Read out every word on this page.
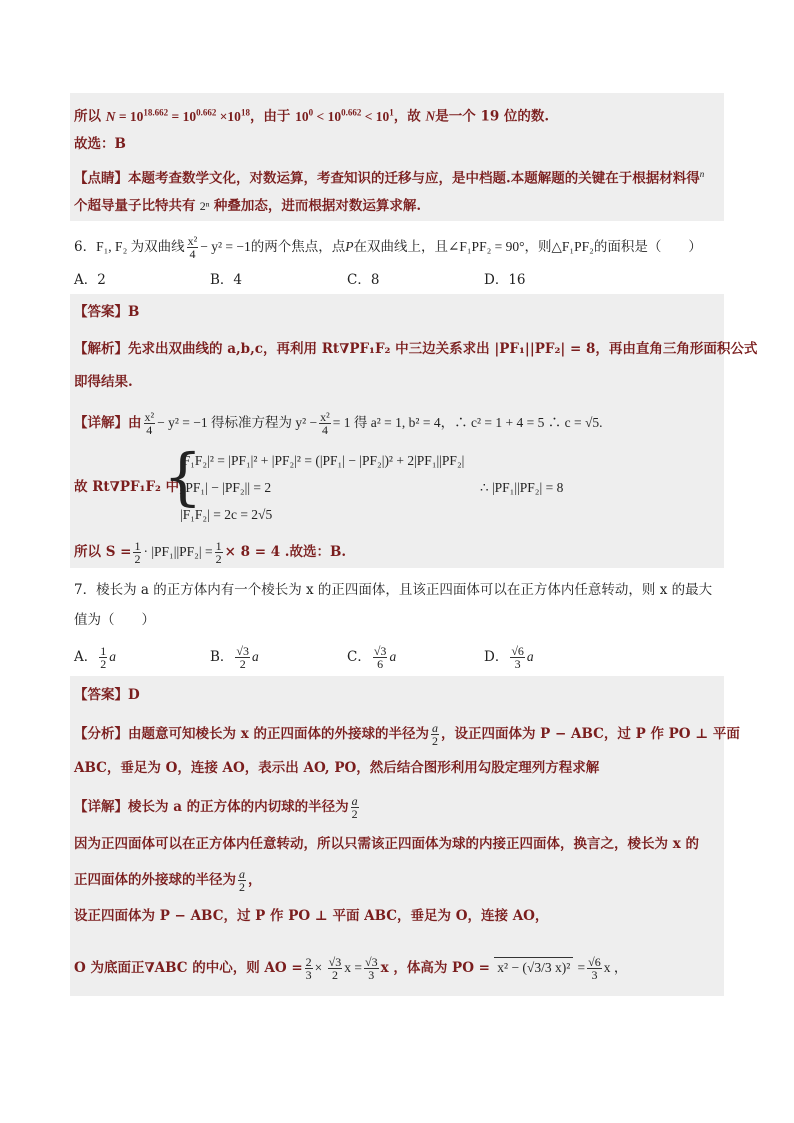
所以 $N = 10^{18.662} = 10^{0.662} \times 10^{18}$，由于 $10^0 < 10^{0.662} < 10^1$，故 N是一个 19 位的数.
故选：B
【点睛】本题考查数学文化，对数运算，考查知识的迁移与应，是中档题.本题解题的关键在于根据材料得$^n$
个超导量子比特共有 2ⁿ 种叠加态，进而根据对数运算求解.
6．F₁, F₂ 为双曲线 $\frac{\text{x²}}{4} - y^2 = -1$的两个焦点，点P在双曲线上，且∠F₁PF₂ = 90°，则△F₁PF₂的面积是（　　）
A．2	B．4	C．8	D．16
【答案】B
【解析】先求出双曲线的 a,b,c，再利用 Rt∇PF₁F₂ 中三边关系求出 |PF₁||PF₂| = 8，再由直角三角形面积公式
即得结果.
【详解】由 $\frac{\text{x²}}{4} - y^2 = -1$ 得标准方程为 $y^2 - \frac{\text{x²}}{4} = 1$ 得 a² = 1, b² = 4，∴ c² = 1 + 4 = 5 ∴ c = √5.
故 Rt∇PF₁F₂ 中，
{
|F₁F₂|² = |PF₁|² + |PF₂|² = (|PF₁| − |PF₂|)² + 2|PF₁||PF₂|
||PF₁| − |PF₂|| = 2
|F₁F₂| = 2c = 2√5
∴ |PF₁||PF₂| = 8
所以 $S = \frac{1}{2} \cdot |PF_1||PF_2| = \frac{1}{2} \times 8 = 4$ .故选：B.
7．棱长为 a 的正方体内有一个棱长为 x 的正四面体，且该正四面体可以在正方体内任意转动，则 x 的最大
值为（　　）
A． $\frac{1}{2}$ a	B． $\frac{√3}{2}$ a	C． $\frac{√3}{6}$ a	D． $\frac{√6}{3}$ a
【答案】D
【分析】由题意可知棱长为 x 的正四面体的外接球的半径为 $\frac{a}{2}$ ，设正四面体为 P − ABC，过 P 作 PO ⊥ 平面
ABC，垂足为 O，连接 AO，表示出 AO, PO，然后结合图形利用勾股定理列方程求解
【详解】棱长为 a 的正方体的内切球的半径为 $\frac{a}{2}$
因为正四面体可以在正方体内任意转动，所以只需该正四面体为球的内接正四面体，换言之，棱长为 x 的
正四面体的外接球的半径为 $\frac{a}{2}$ ，
设正四面体为 P − ABC，过 P 作 PO ⊥ 平面 ABC，垂足为 O，连接 AO，
O 为底面正∇ABC 的中心，则 AO = $\frac{2}{3} \times \frac{√3}{2}$ $x = \frac{√3}{3}$ x ，体高为 PO = x² − (√3/3 $x)^2 = \frac{√6}{3}$ x ，
